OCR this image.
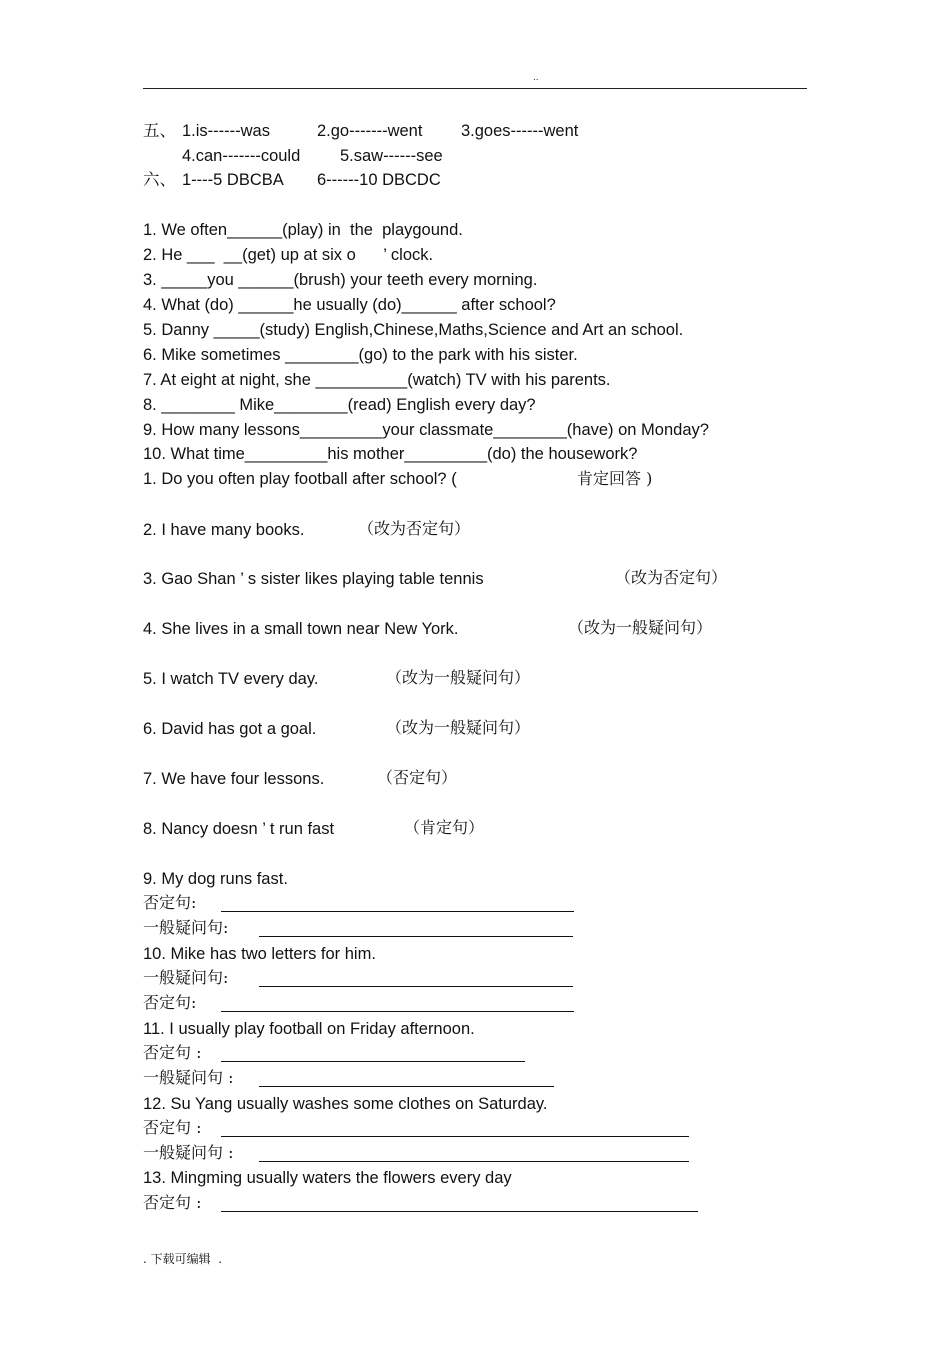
..
五、 1.is------was	2.go-------went 3.goes------went
4.can-------could 5.saw------see
六、 1----5 DBCBA 6------10 DBCDC
1. We often______(play) in  the  playgound.
2. He ___  __(get) up at six o      ’ clock.
3. _____you ______(brush) your teeth every morning.
4. What (do) ______he usually (do)______ after school?
5. Danny _____(study) English,Chinese,Maths,Science and Art an school.
6. Mike sometimes ________(go) to the park with his sister.
7. At eight at night, she __________(watch) TV with his parents.
8. ________ Mike________(read) English every day?
9. How many lessons_________your classmate________(have) on Monday?
10. What time_________his mother_________(do) the housework?
1. Do you often play football after school? (	肯定回答 )
2. I have many books.	（改为否定句）
3. Gao Shan ’ s sister likes playing table tennis	（改为否定句）
4. She lives in a small town near New York.	（改为一般疑问句）
5. I watch TV every day.	（改为一般疑问句）
6. David has got a goal.	（改为一般疑问句）
7. We have four lessons.	（否定句）
8. Nancy doesn ’ t run fast	（肯定句）
9. My dog runs fast.
否定句:
一般疑问句:
10. Mike has two letters for him.
一般疑问句:
否定句:
11. I usually play football on Friday afternoon.
否定句 :
一般疑问句 :
12. Su Yang usually washes some clothes on Saturday.
否定句 :
一般疑问句 :
13. Mingming usually waters the flowers every day
否定句 :
. 下载可编辑  .
